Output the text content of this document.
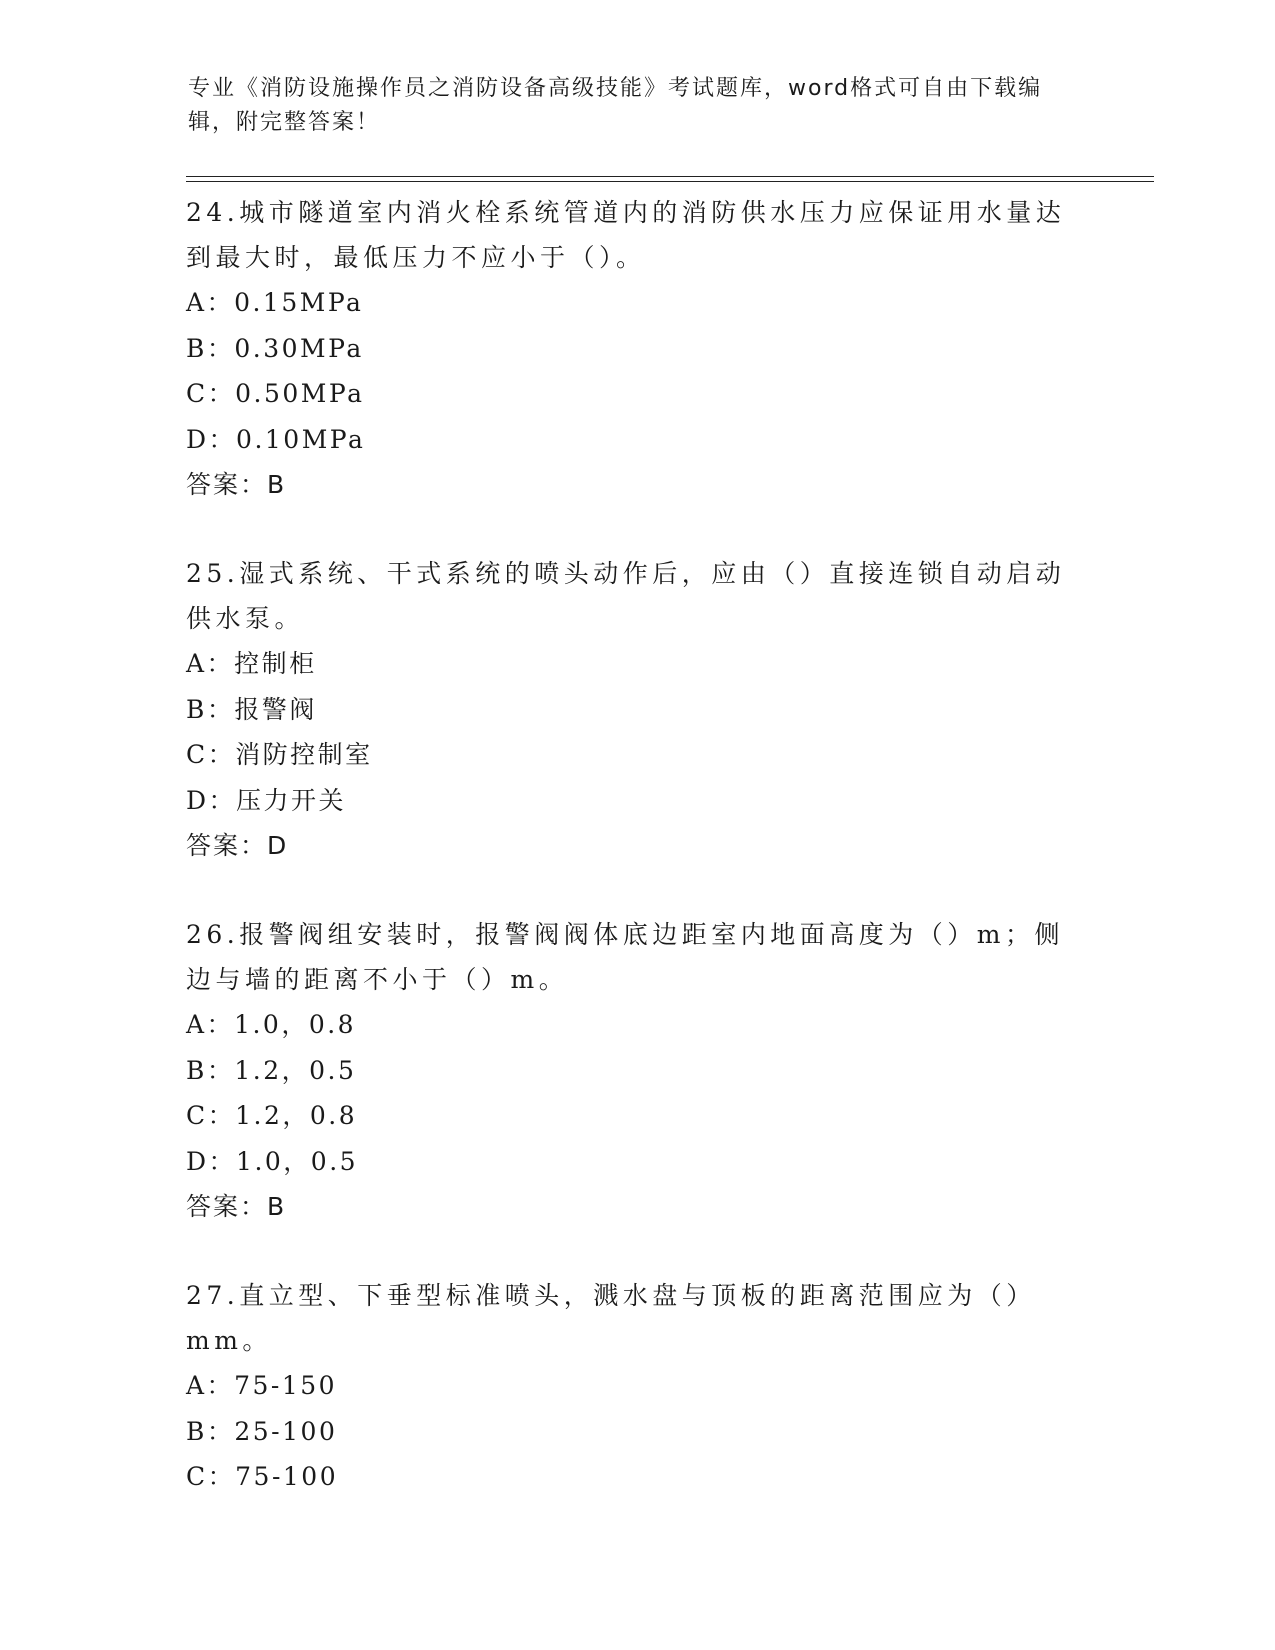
专业《消防设施操作员之消防设备高级技能》考试题库，word格式可自由下载编辑，附完整答案！

24.城市隧道室内消火栓系统管道内的消防供水压力应保证用水量达到最大时，最低压力不应小于（）。

A：0.15MPa
B：0.30MPa
C：0.50MPa
D：0.10MPa
答案：B

25.湿式系统、干式系统的喷头动作后，应由（）直接连锁自动启动供水泵。

A：控制柜
B：报警阀
C：消防控制室
D：压力开关
答案：D

26.报警阀组安装时，报警阀阀体底边距室内地面高度为（）m；侧边与墙的距离不小于（）m。

A：1.0，0.8
B：1.2，0.5
C：1.2，0.8
D：1.0，0.5
答案：B

27.直立型、下垂型标准喷头，溅水盘与顶板的距离范围应为（）mm。

A：75-150
B：25-100
C：75-100
